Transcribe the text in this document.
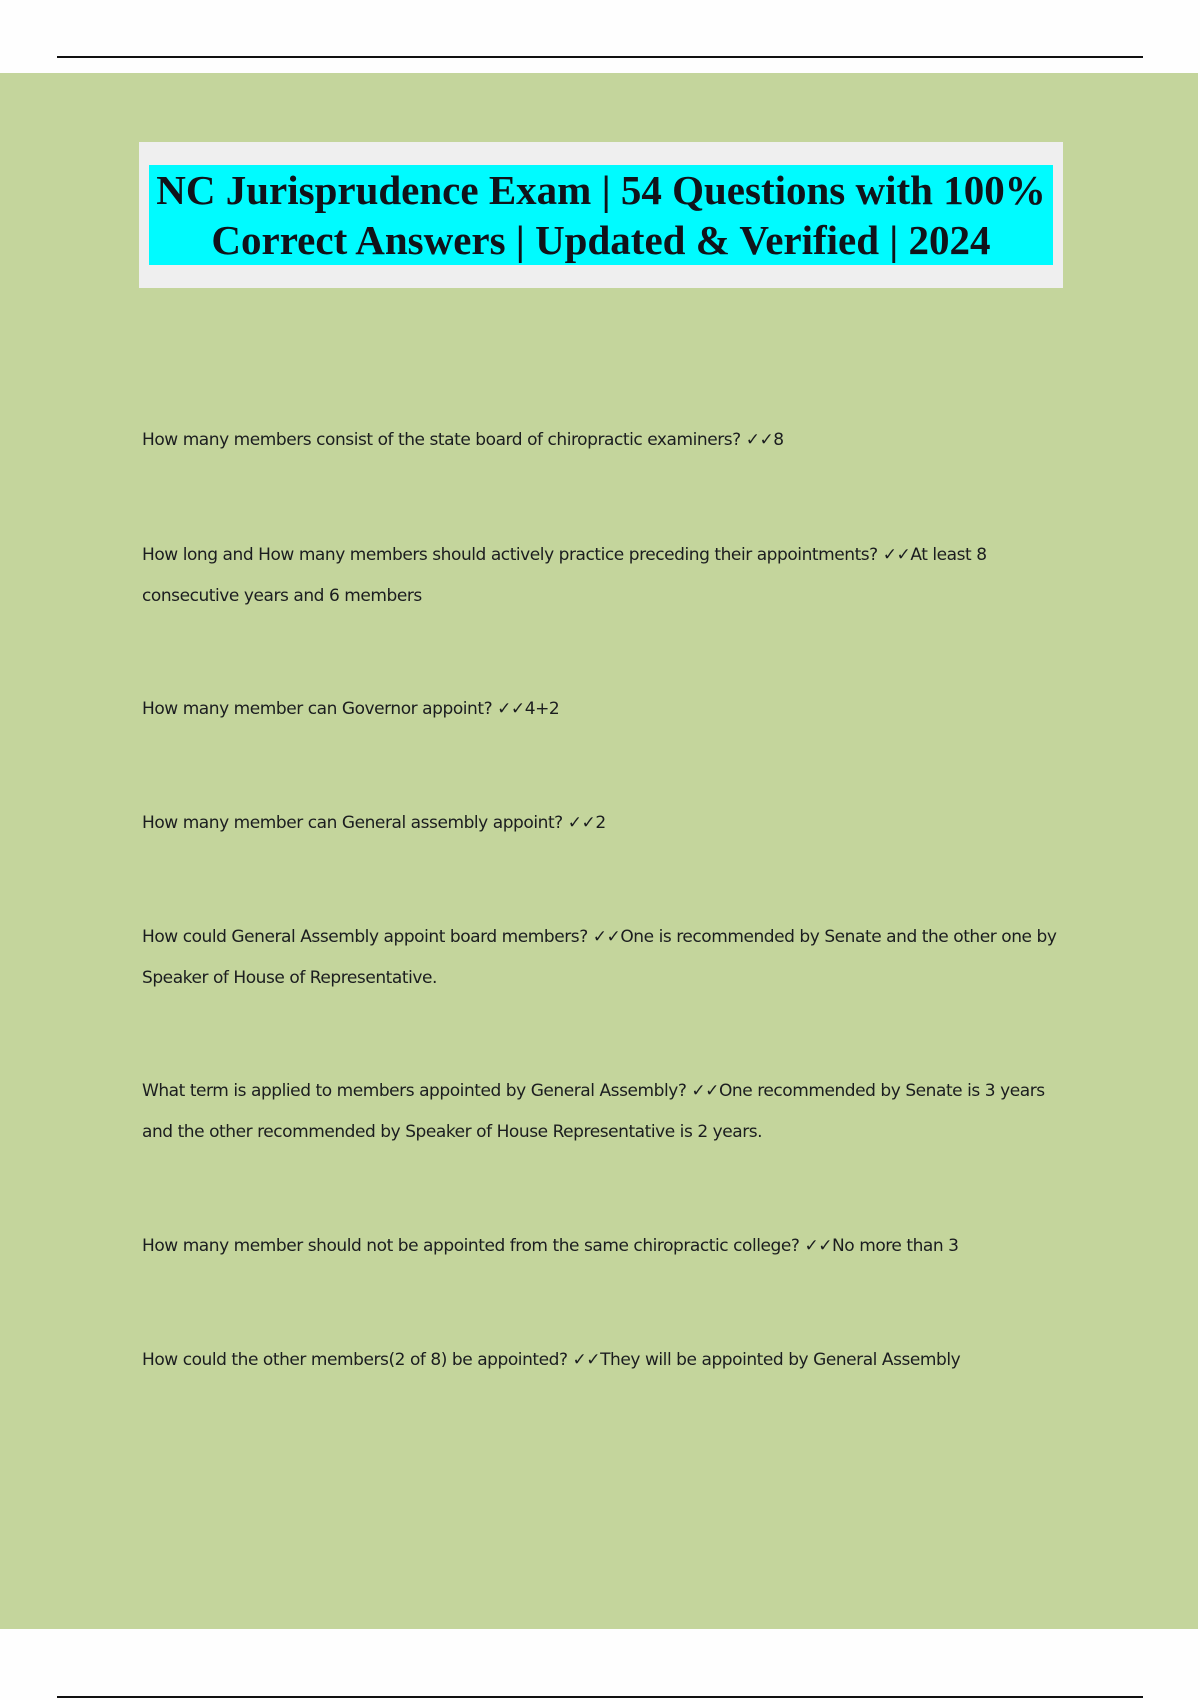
NC Jurisprudence Exam | 54 Questions with 100% Correct Answers | Updated & Verified | 2024
How many members consist of the state board of chiropractic examiners? ✓✓8
How long and How many members should actively practice preceding their appointments? ✓✓At least 8 consecutive years and 6 members
How many member can Governor appoint? ✓✓4+2
How many member can General assembly appoint? ✓✓2
How could General Assembly appoint board members? ✓✓One is recommended by Senate and the other one by Speaker of House of Representative.
What term is applied to members appointed by General Assembly? ✓✓One recommended by Senate is 3 years and the other recommended by Speaker of House Representative is 2 years.
How many member should not be appointed from the same chiropractic college? ✓✓No more than 3
How could the other members(2 of 8) be appointed? ✓✓They will be appointed by General Assembly
